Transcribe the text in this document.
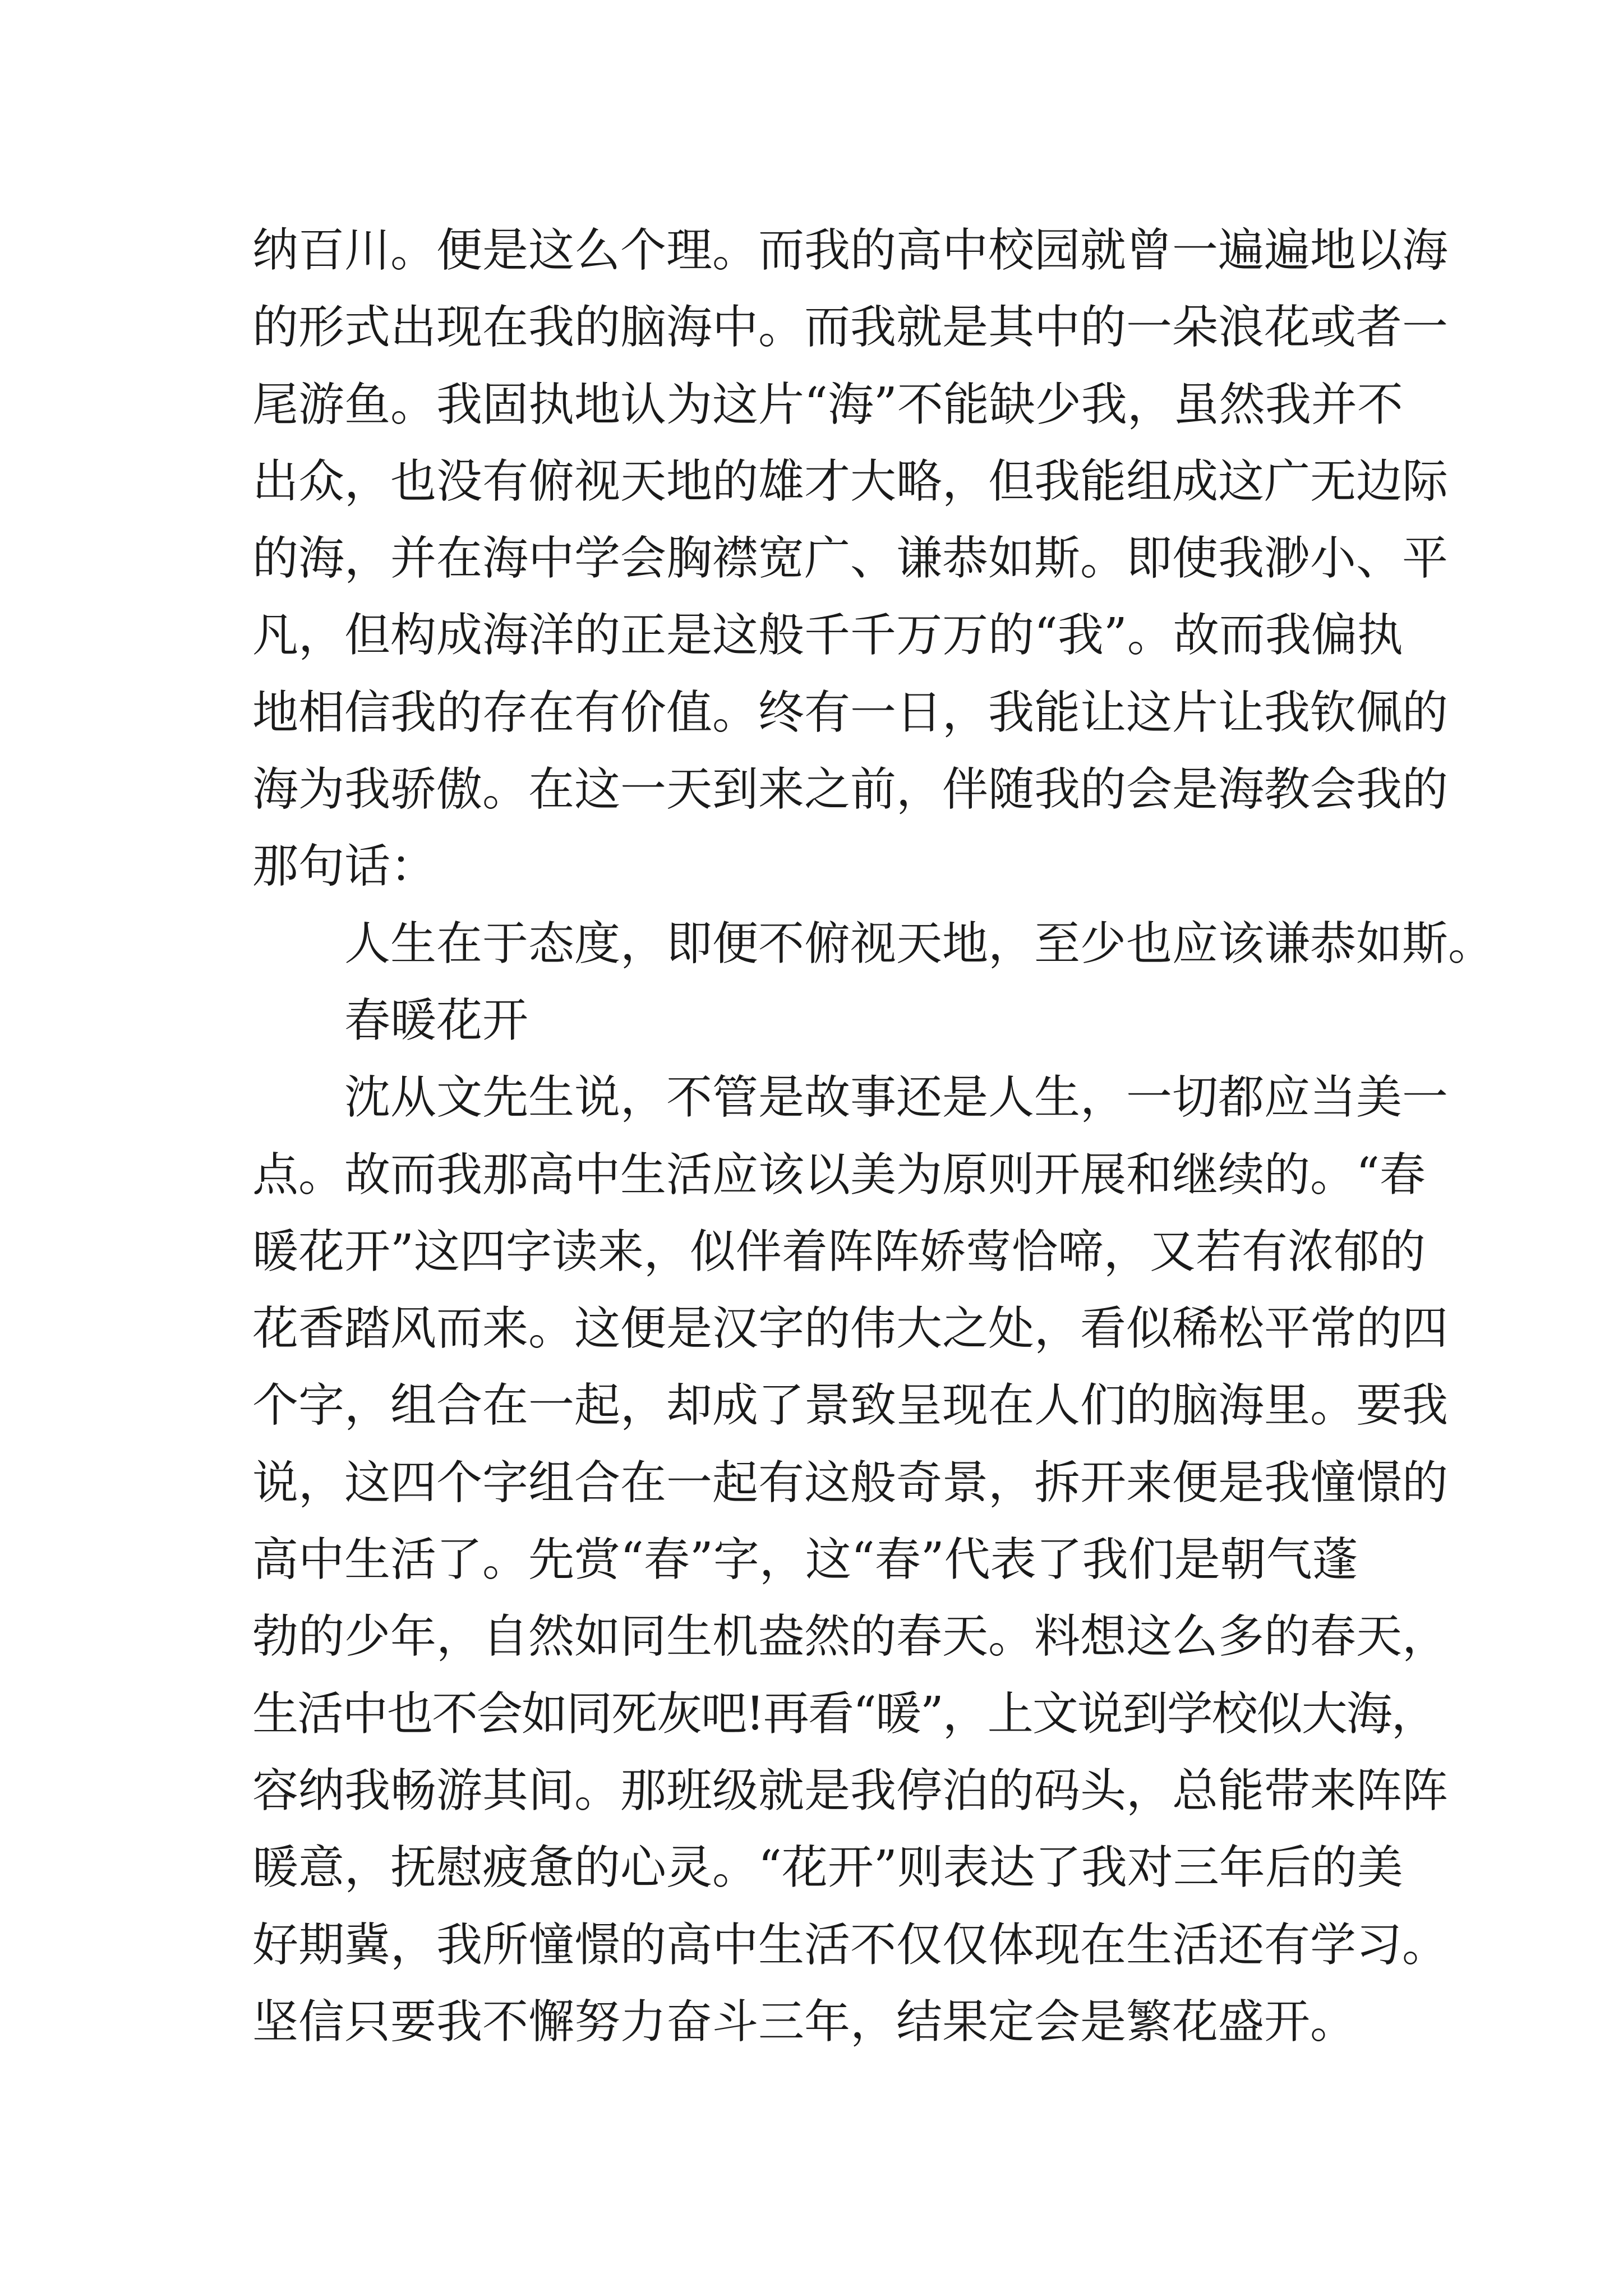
纳百川。便是这么个理。而我的高中校园就曾一遍遍地以海
的形式出现在我的脑海中。而我就是其中的一朵浪花或者一
尾游鱼。我固执地认为这片“海”不能缺少我，虽然我并不
出众，也没有俯视天地的雄才大略，但我能组成这广无边际
的海，并在海中学会胸襟宽广、谦恭如斯。即使我渺小、平
凡，但构成海洋的正是这般千千万万的“我”。故而我偏执
地相信我的存在有价值。终有一日，我能让这片让我钦佩的
海为我骄傲。在这一天到来之前，伴随我的会是海教会我的
那句话：
人生在于态度，即便不俯视天地，至少也应该谦恭如斯。
春暖花开
沈从文先生说，不管是故事还是人生，一切都应当美一
点。故而我那高中生活应该以美为原则开展和继续的。“春
暖花开”这四字读来，似伴着阵阵娇莺恰啼，又若有浓郁的
花香踏风而来。这便是汉字的伟大之处，看似稀松平常的四
个字，组合在一起，却成了景致呈现在人们的脑海里。要我
说，这四个字组合在一起有这般奇景，拆开来便是我憧憬的
高中生活了。先赏“春”字，这“春”代表了我们是朝气蓬
勃的少年，自然如同生机盎然的春天。料想这么多的春天，
生活中也不会如同死灰吧!再看“暖”，上文说到学校似大海，
容纳我畅游其间。那班级就是我停泊的码头，总能带来阵阵
暖意，抚慰疲惫的心灵。“花开”则表达了我对三年后的美
好期冀，我所憧憬的高中生活不仅仅体现在生活还有学习。
坚信只要我不懈努力奋斗三年，结果定会是繁花盛开。
